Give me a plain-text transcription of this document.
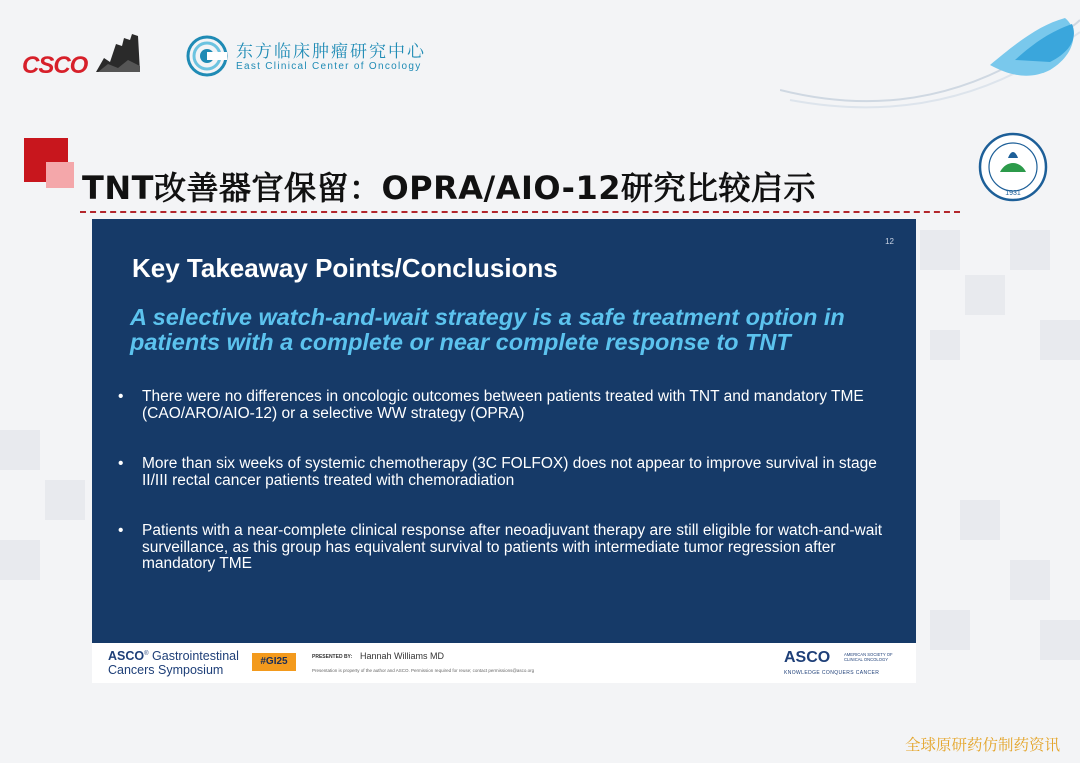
CSCO	东方临床肿瘤研究中心
East Clinical Center of Oncology
TNT改善器官保留：OPRA/AIO-12研究比较启示	1931
12
Key Takeaway Points/Conclusions
A selective watch-and-wait strategy is a safe treatment option in patients with a complete or near complete response to TNT
• There were no differences in oncologic outcomes between patients treated with TNT and mandatory TME (CAO/ARO/AIO-12) or a selective WW strategy (OPRA)
• More than six weeks of systemic chemotherapy (3C FOLFOX) does not appear to improve survival in stage II/III rectal cancer patients treated with chemoradiation
• Patients with a near-complete clinical response after neoadjuvant therapy are still eligible for watch-and-wait surveillance, as this group has equivalent survival to patients with intermediate tumor regression after mandatory TME
ASCO® Gastrointestinal
Cancers Symposium
#GI25	PRESENTED BY: Hannah Williams MD
Presentation is property of the author and ASCO. Permission required for reuse; contact permissions@asco.org
ASCO	AMERICAN SOCIETY OF CLINICAL ONCOLOGY
KNOWLEDGE CONQUERS CANCER
全球原研药仿制药资讯
